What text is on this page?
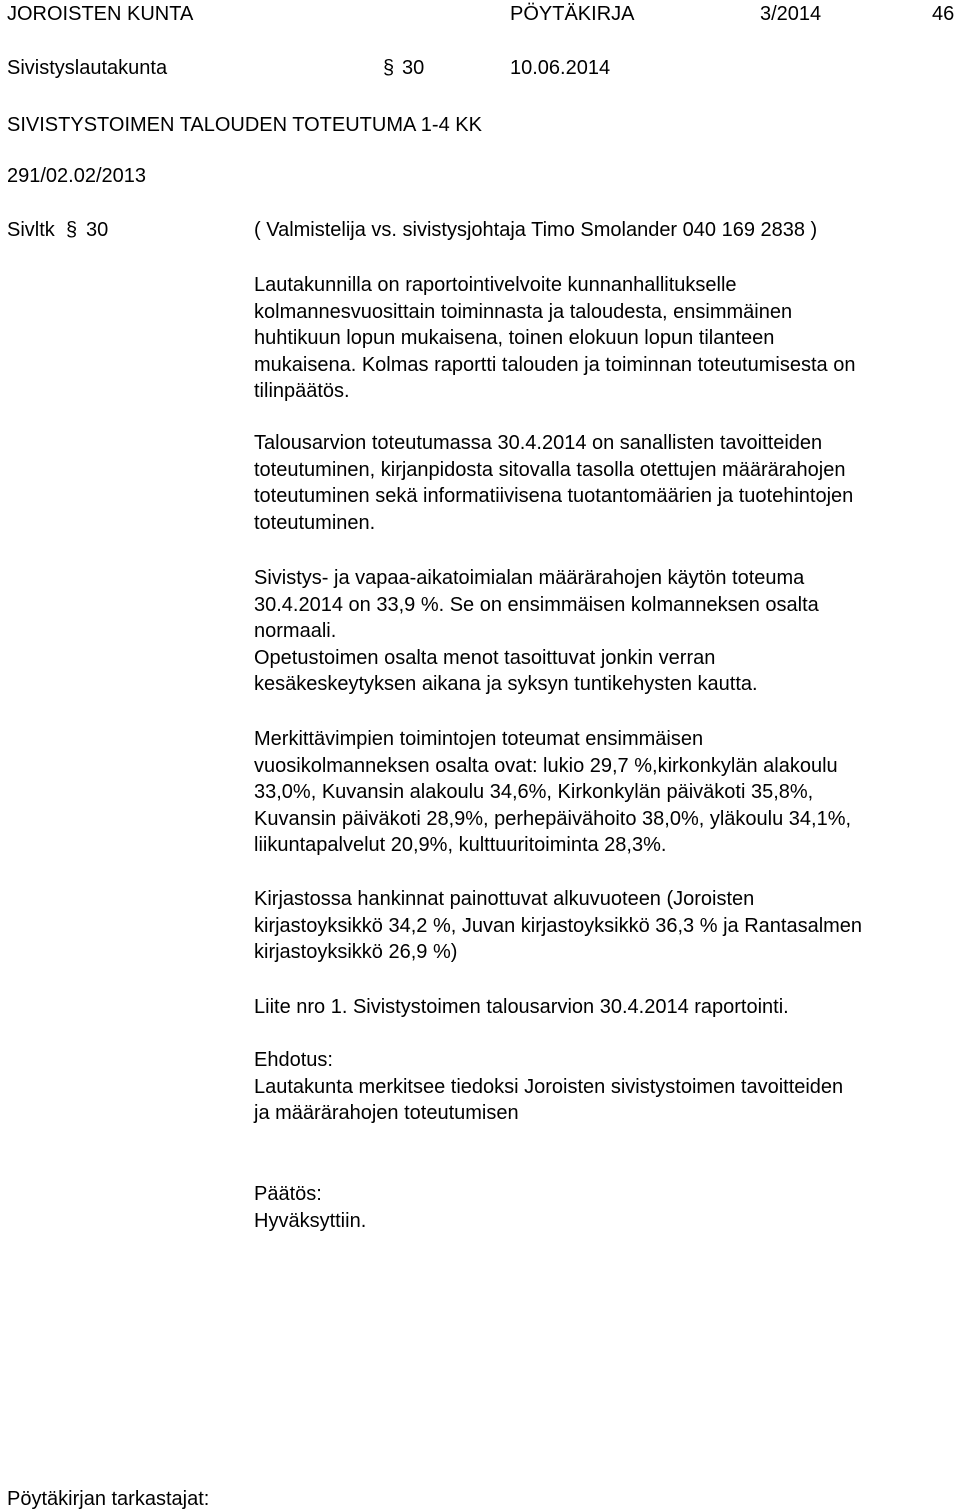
JOROISTEN KUNTA	PÖYTÄKIRJA	3/2014	46
Sivistyslautakunta	§ 30	10.06.2014
SIVISTYSTOIMEN TALOUDEN TOTEUTUMA 1-4 KK
291/02.02/2013
Sivltk § 30	( Valmistelija vs. sivistysjohtaja Timo Smolander 040 169 2838 )
Lautakunnilla on raportointivelvoite kunnanhallitukselle
kolmannesvuosittain toiminnasta ja taloudesta, ensimmäinen
huhtikuun lopun mukaisena, toinen elokuun lopun tilanteen
mukaisena. Kolmas raportti talouden ja toiminnan toteutumisesta on
tilinpäätös.
Talousarvion toteutumassa 30.4.2014 on sanallisten tavoitteiden
toteutuminen, kirjanpidosta sitovalla tasolla otettujen määrärahojen
toteutuminen sekä informatiivisena tuotantomäärien ja tuotehintojen
toteutuminen.
Sivistys- ja vapaa-aikatoimialan määrärahojen käytön toteuma
30.4.2014 on 33,9 %. Se on ensimmäisen kolmanneksen osalta
normaali.
Opetustoimen osalta menot tasoittuvat jonkin verran
kesäkeskeytyksen aikana ja syksyn tuntikehysten kautta.
Merkittävimpien toimintojen toteumat ensimmäisen
vuosikolmanneksen osalta ovat: lukio 29,7 %,kirkonkylän alakoulu
33,0%, Kuvansin alakoulu 34,6%, Kirkonkylän päiväkoti 35,8%,
Kuvansin päiväkoti 28,9%, perhepäivähoito 38,0%, yläkoulu 34,1%,
liikuntapalvelut 20,9%, kulttuuritoiminta 28,3%.
Kirjastossa hankinnat painottuvat alkuvuoteen (Joroisten
kirjastoyksikkö 34,2 %, Juvan kirjastoyksikkö 36,3 % ja Rantasalmen
kirjastoyksikkö 26,9 %)
Liite nro 1. Sivistystoimen talousarvion 30.4.2014 raportointi.
Ehdotus:
Lautakunta merkitsee tiedoksi Joroisten sivistystoimen tavoitteiden
ja määrärahojen toteutumisen
Päätös:
Hyväksyttiin.
Pöytäkirjan tarkastajat:
